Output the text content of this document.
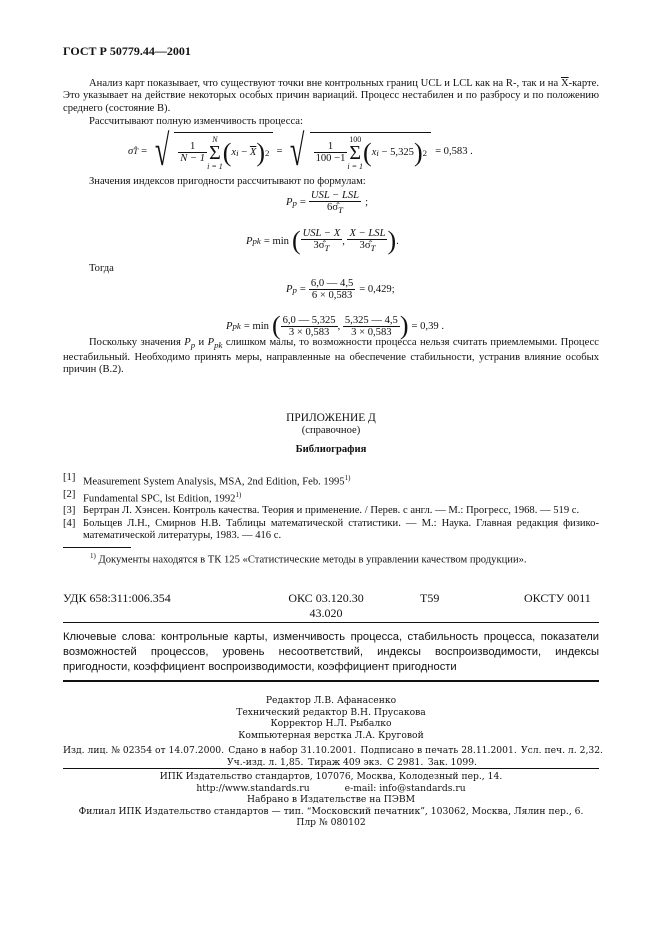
ГОСТ Р 50779.44—2001
Анализ карт показывает, что существуют точки вне контрольных границ UCL и LCL как на R-, так и на $\overline{X}$-карте. Это указывает на действие некоторых особых причин вариаций. Процесс нестабилен и по разбросу и по положению среднего (состояние В).
Рассчитывают полную изменчивость процесса:
σ̂ T = √ $\frac{1}{N - 1}$
N
Σ
i = 1 ( x i
−
$\overline{X}$ ) 2 = √ $\frac{1}{100 -1}$
100
Σ
i = 1 ( x i − 5,325 ) 2 = 0,583 .
Значения индексов пригодности рассчитывают по формулам:
P $p = \frac{\text{USL − LSL}}{6\sigmâ_T}$ ;
P pk = min ( $\frac{\text{USL − X}}{3\sigmâ_T}$ , $\frac{\text{X − LSL}}{3\sigmâ_T}$ ) .
Тогда
P $p = \frac{6,0 — 4,5}{6 \times 0,583} = 0,429$;
P pk = min ( $\frac{6,0 — 5,325}{3 \times 0,583}$ , $\frac{5,325 — 4,5}{3 \times 0,583}$ ) = 0,39 .
Поскольку значения $P_p$ и $P_{pk}$ слишком малы, то возможности процесса нельзя считать приемлемыми. Процесс нестабильный. Необходимо принять меры, направленные на обеспечение стабильности, устранив влияние особых причин (В.2).
ПРИЛОЖЕНИЕ Д
(справочное)
Библиография
[1] Measurement System Analysis, MSA, 2nd Edition, Feb. 1995$^{1)}$
[2] Fundamental SPC, lst Edition, 1992$^{1)}$
[3] Бертран Л. Хэнсен. Контроль качества. Теория и применение. / Перев. с англ. — М.: Прогресс, 1968. — 519 с.
[4] Больщев Л.Н., Смирнов Н.В. Таблицы математической статистики. — М.: Наука. Главная редакция физико-математической литературы, 1983. — 416 с.
$^{1)}$ Документы находятся в ТК 125 «Статистические методы в управлении качеством продукции».
УДК 658:311:006.354	ОКС 03.120.30
43.020
Т59	ОКСТУ 0011
Ключевые слова: контрольные карты, изменчивость процесса, стабильность процесса, показатели возможностей процессов, уровень несоответствий, индексы воспроизводимости, индексы пригодности, коэффициент воспроизводимости, коэффициент пригодности
Редактор Л.В. Афанасенко
Технический редактор В.Н. Прусакова
Корректор Н.Л. Рыбалко
Компьютерная верстка Л.А. Круговой
Изд. лиц. № 02354 от 14.07.2000. Сдано в набор 31.10.2001. Подписано в печать 28.11.2001. Усл. печ. л. 2,32.
Уч.-изд. л. 1,85. Тираж 409 экз. С 2981. Зак. 1099.
ИПК Издательство стандартов, 107076, Москва, Колодезный пер., 14.
http://www.standards.ru	e-mail: info@standards.ru
Набрано в Издательстве на ПЭВМ
Филиал ИПК Издательство стандартов — тип. “Московский печатник”, 103062, Москва, Лялин пер., 6.
Плр № 080102
